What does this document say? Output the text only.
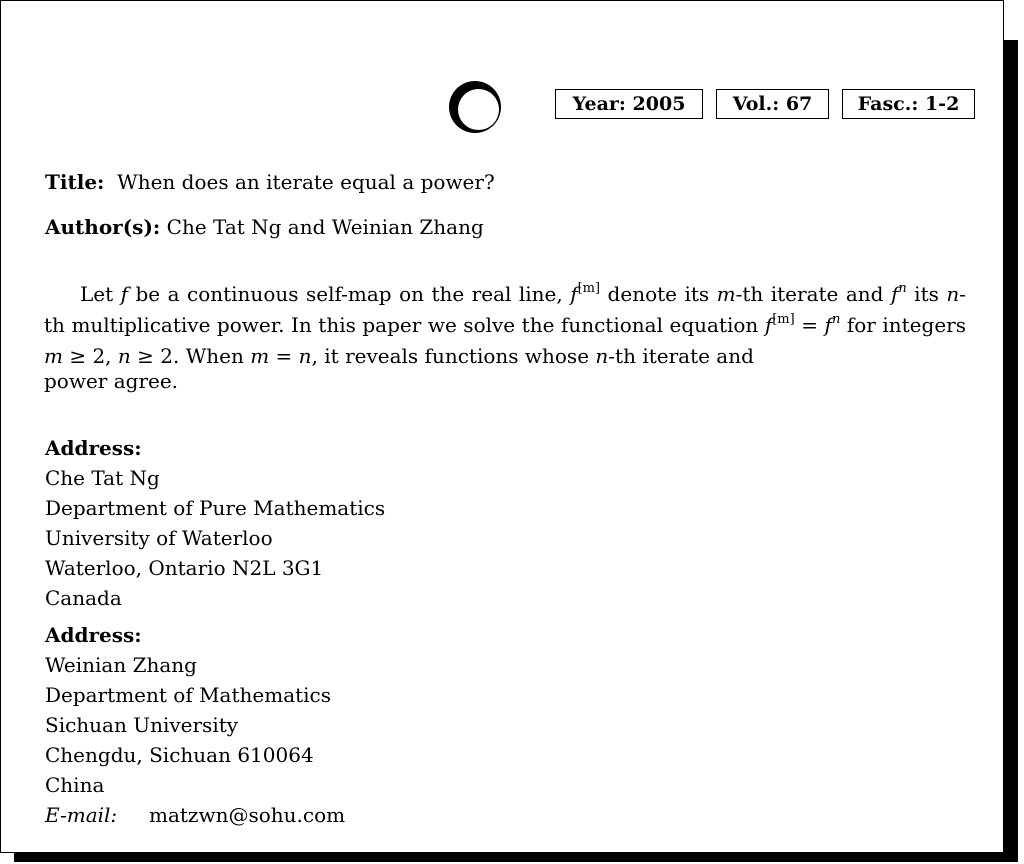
Year: 2005	Vol.: 67	Fasc.: 1-2
Title: When does an iterate equal a power?
Author(s): Che Tat Ng and Weinian Zhang

Let f be a continuous self-map on the real line, f[m] denote its m-th iterate and $f^n$ its n-th multiplicative power. In this paper we solve the functional equation $f[m] = f^n$ for integers m ≥ 2, n ≥ 2. When m = n, it reveals functions whose n-th iterate and
power agree.

Address:
Che Tat Ng
Department of Pure Mathematics
University of Waterloo
Waterloo, Ontario N2L 3G1
Canada
Address:
Weinian Zhang
Department of Mathematics
Sichuan University
Chengdu, Sichuan 610064
China
E-mail: matzwn@sohu.com
